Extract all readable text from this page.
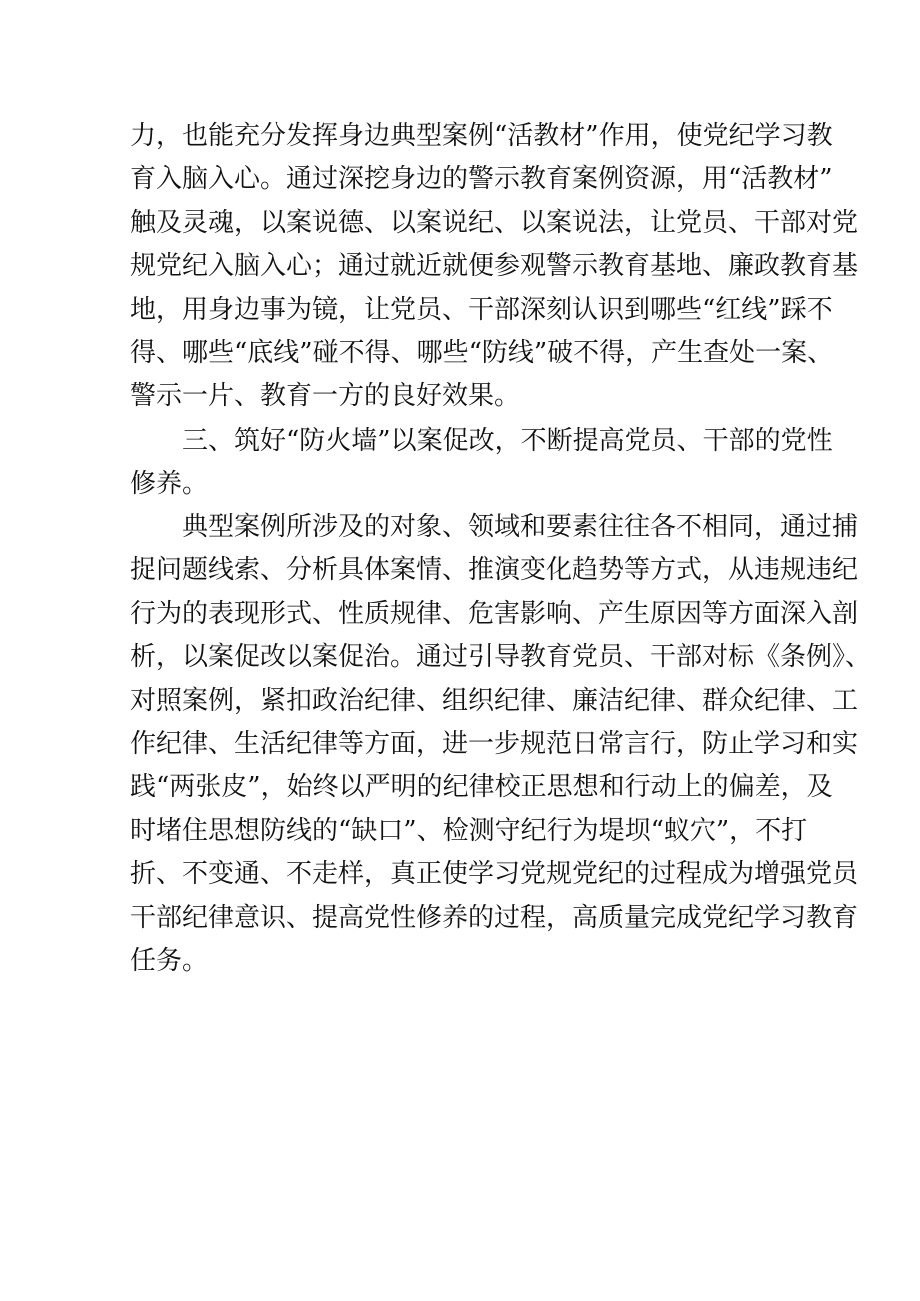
力，也能充分发挥身边典型案例“活教材”作用，使党纪学习教
育入脑入心。通过深挖身边的警示教育案例资源，用“活教材”
触及灵魂，以案说德、以案说纪、以案说法，让党员、干部对党
规党纪入脑入心；通过就近就便参观警示教育基地、廉政教育基
地，用身边事为镜，让党员、干部深刻认识到哪些“红线”踩不
得、哪些“底线”碰不得、哪些“防线”破不得，产生查处一案、
警示一片、教育一方的良好效果。
三、筑好“防火墙”以案促改，不断提高党员、干部的党性
修养。
典型案例所涉及的对象、领域和要素往往各不相同，通过捕
捉问题线索、分析具体案情、推演变化趋势等方式，从违规违纪
行为的表现形式、性质规律、危害影响、产生原因等方面深入剖
析，以案促改以案促治。通过引导教育党员、干部对标《条例》、
对照案例，紧扣政治纪律、组织纪律、廉洁纪律、群众纪律、工
作纪律、生活纪律等方面，进一步规范日常言行，防止学习和实
践“两张皮”，始终以严明的纪律校正思想和行动上的偏差，及
时堵住思想防线的“缺口”、检测守纪行为堤坝“蚁穴”，不打
折、不变通、不走样，真正使学习党规党纪的过程成为增强党员
干部纪律意识、提高党性修养的过程，高质量完成党纪学习教育
任务。
